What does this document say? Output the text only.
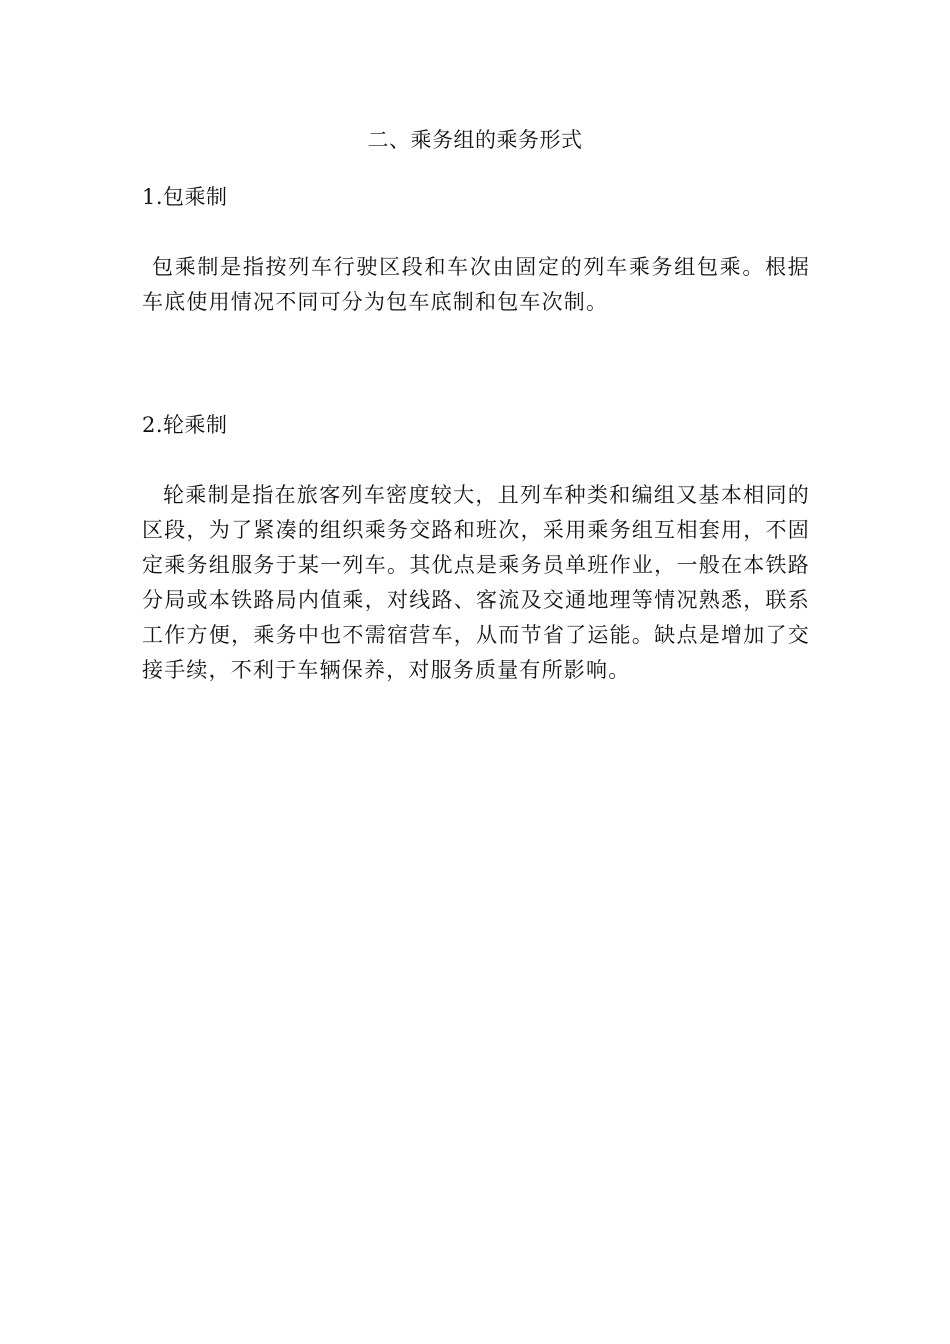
二、乘务组的乘务形式
1.包乘制

包乘制是指按列车行驶区段和车次由固定的列车乘务组包乘。根据车底使用情况不同可分为包车底制和包车次制。

2.轮乘制

轮乘制是指在旅客列车密度较大，且列车种类和编组又基本相同的区段，为了紧凑的组织乘务交路和班次，采用乘务组互相套用，不固定乘务组服务于某一列车。其优点是乘务员单班作业，一般在本铁路分局或本铁路局内值乘，对线路、客流及交通地理等情况熟悉，联系工作方便，乘务中也不需宿营车，从而节省了运能。缺点是增加了交接手续，不利于车辆保养，对服务质量有所影响。
